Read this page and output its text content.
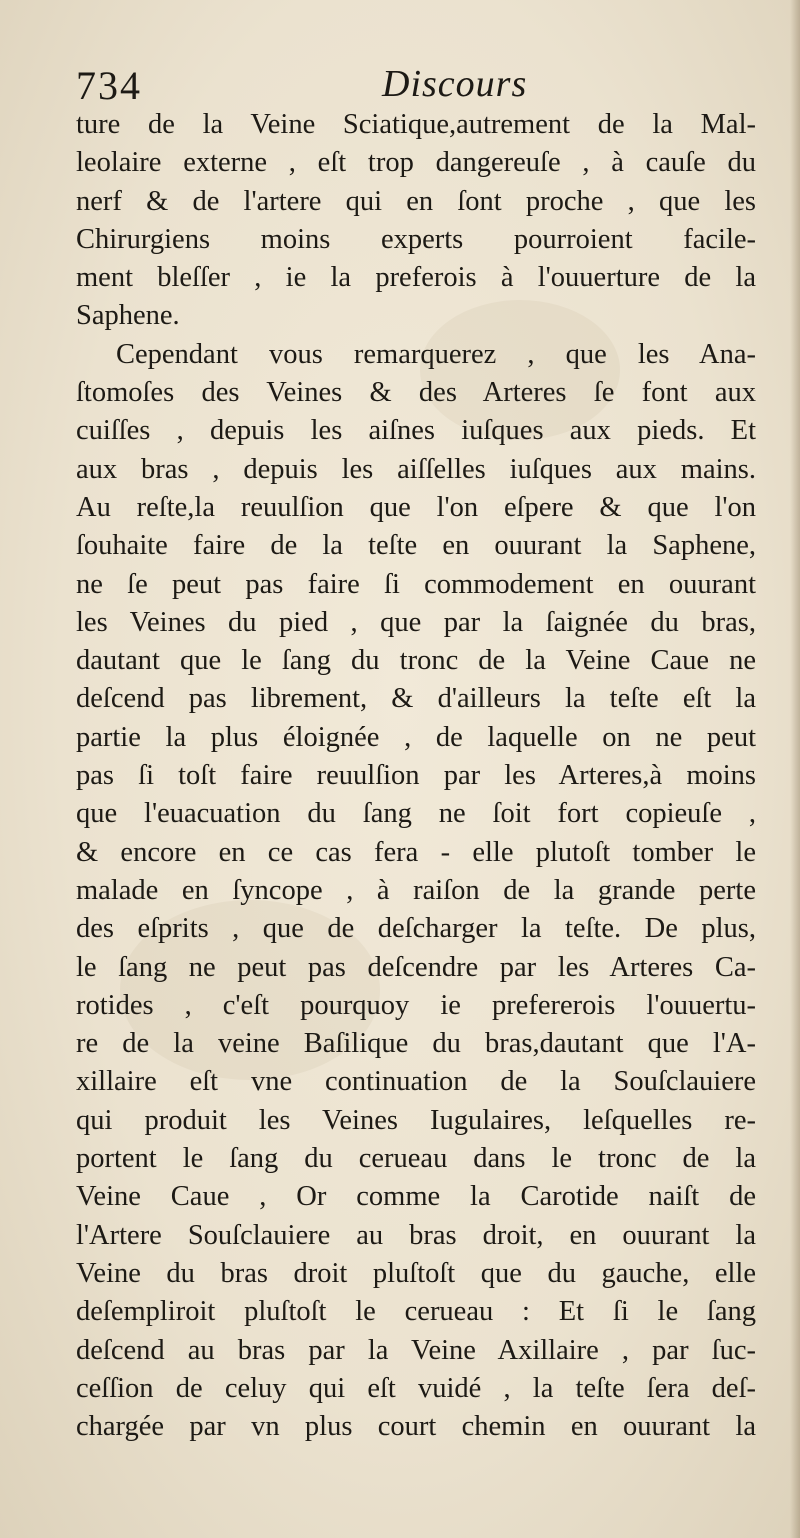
734	Discours
ture de la Veine Sciatique,autrement de la Mal-
leolaire externe , eſt trop dangereuſe , à cauſe du
nerf & de l'artere qui en ſont proche , que les
Chirurgiens moins experts pourroient facile-
ment bleſſer , ie la preferois à l'ouuerture de la
Saphene.
Cependant vous remarquerez , que les Ana-
ſtomoſes des Veines & des Arteres ſe font aux
cuiſſes , depuis les aiſnes iuſques aux pieds. Et
aux bras , depuis les aiſſelles iuſques aux mains.
Au reſte,la reuulſion que l'on eſpere & que l'on
ſouhaite faire de la teſte en ouurant la Saphene,
ne ſe peut pas faire ſi commodement en ouurant
les Veines du pied , que par la ſaignée du bras,
dautant que le ſang du tronc de la Veine Caue ne
deſcend pas librement, & d'ailleurs la teſte eſt la
partie la plus éloignée , de laquelle on ne peut
pas ſi toſt faire reuulſion par les Arteres,à moins
que l'euacuation du ſang ne ſoit fort copieuſe ,
& encore en ce cas fera - elle plutoſt tomber le
malade en ſyncope , à raiſon de la grande perte
des eſprits , que de deſcharger la teſte. De plus,
le ſang ne peut pas deſcendre par les Arteres Ca-
rotides , c'eſt pourquoy ie prefererois l'ouuertu-
re de la veine Baſilique du bras,dautant que l'A-
xillaire eſt vne continuation de la Souſclauiere
qui produit les Veines Iugulaires, leſquelles re-
portent le ſang du cerueau dans le tronc de la
Veine Caue , Or comme la Carotide naiſt de
l'Artere Souſclauiere au bras droit, en ouurant la
Veine du bras droit pluſtoſt que du gauche, elle
deſempliroit pluſtoſt le cerueau : Et ſi le ſang
deſcend au bras par la Veine Axillaire , par ſuc-
ceſſion de celuy qui eſt vuidé , la teſte ſera deſ-
chargée par vn plus court chemin en ouurant la
